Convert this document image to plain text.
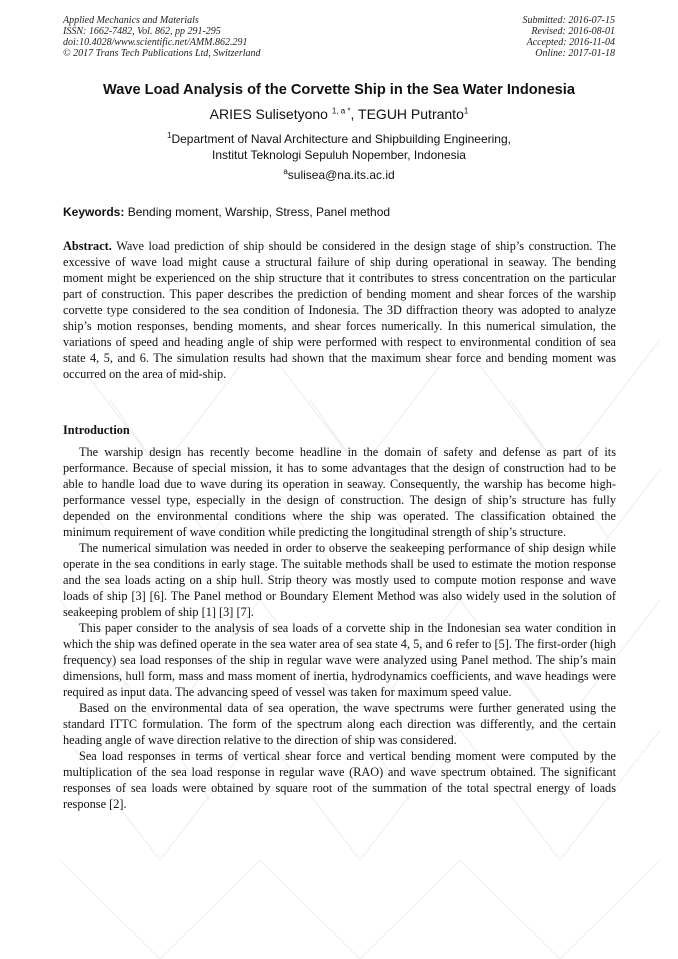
Applied Mechanics and Materials
ISSN: 1662-7482, Vol. 862, pp 291-295
doi:10.4028/www.scientific.net/AMM.862.291
© 2017 Trans Tech Publications Ltd, Switzerland
Submitted: 2016-07-15
Revised: 2016-08-01
Accepted: 2016-11-04
Online: 2017-01-18
Wave Load Analysis of the Corvette Ship in the Sea Water Indonesia
ARIES Sulisetyono $^{1, a *}$, TEGUH Putranto$^1$
$^1$Department of Naval Architecture and Shipbuilding Engineering,
Institut Teknologi Sepuluh Nopember, Indonesia
$^a$sulisea@na.its.ac.id
Keywords: Bending moment, Warship, Stress, Panel method
Abstract. Wave load prediction of ship should be considered in the design stage of ship’s construction. The excessive of wave load might cause a structural failure of ship during operational in seaway. The bending moment might be experienced on the ship structure that it contributes to stress concentration on the particular part of construction. This paper describes the prediction of bending moment and shear forces of the warship corvette type considered to the sea condition of Indonesia. The 3D diffraction theory was adopted to analyze ship’s motion responses, bending moments, and shear forces numerically. In this numerical simulation, the variations of speed and heading angle of ship were performed with respect to environmental condition of sea state 4, 5, and 6. The simulation results had shown that the maximum shear force and bending moment was occurred on the area of mid-ship.
Introduction

The warship design has recently become headline in the domain of safety and defense as part of its performance. Because of special mission, it has to some advantages that the design of construction had to be able to handle load due to wave during its operation in seaway. Consequently, the warship has become high-performance vessel type, especially in the design of construction. The design of ship’s structure has fully depended on the environmental conditions where the ship was operated. The classification obtained the minimum requirement of wave condition while predicting the longitudinal strength of ship’s structure.

The numerical simulation was needed in order to observe the seakeeping performance of ship design while operate in the sea conditions in early stage. The suitable methods shall be used to estimate the motion response and the sea loads acting on a ship hull. Strip theory was mostly used to compute motion response and wave loads of ship [3] [6]. The Panel method or Boundary Element Method was also widely used in the solution of seakeeping problem of ship [1] [3] [7].

This paper consider to the analysis of sea loads of a corvette ship in the Indonesian sea water condition in which the ship was defined operate in the sea water area of sea state 4, 5, and 6 refer to [5]. The first-order (high frequency) sea load responses of the ship in regular wave were analyzed using Panel method. The ship’s main dimensions, hull form, mass and mass moment of inertia, hydrodynamics coefficients, and wave headings were required as input data. The advancing speed of vessel was taken for maximum speed value.

Based on the environmental data of sea operation, the wave spectrums were further generated using the standard ITTC formulation. The form of the spectrum along each direction was differently, and the certain heading angle of wave direction relative to the direction of ship was considered.

Sea load responses in terms of vertical shear force and vertical bending moment were computed by the multiplication of the sea load response in regular wave (RAO) and wave spectrum obtained. The significant responses of sea loads were obtained by square root of the summation of the total spectral energy of loads response [2].
